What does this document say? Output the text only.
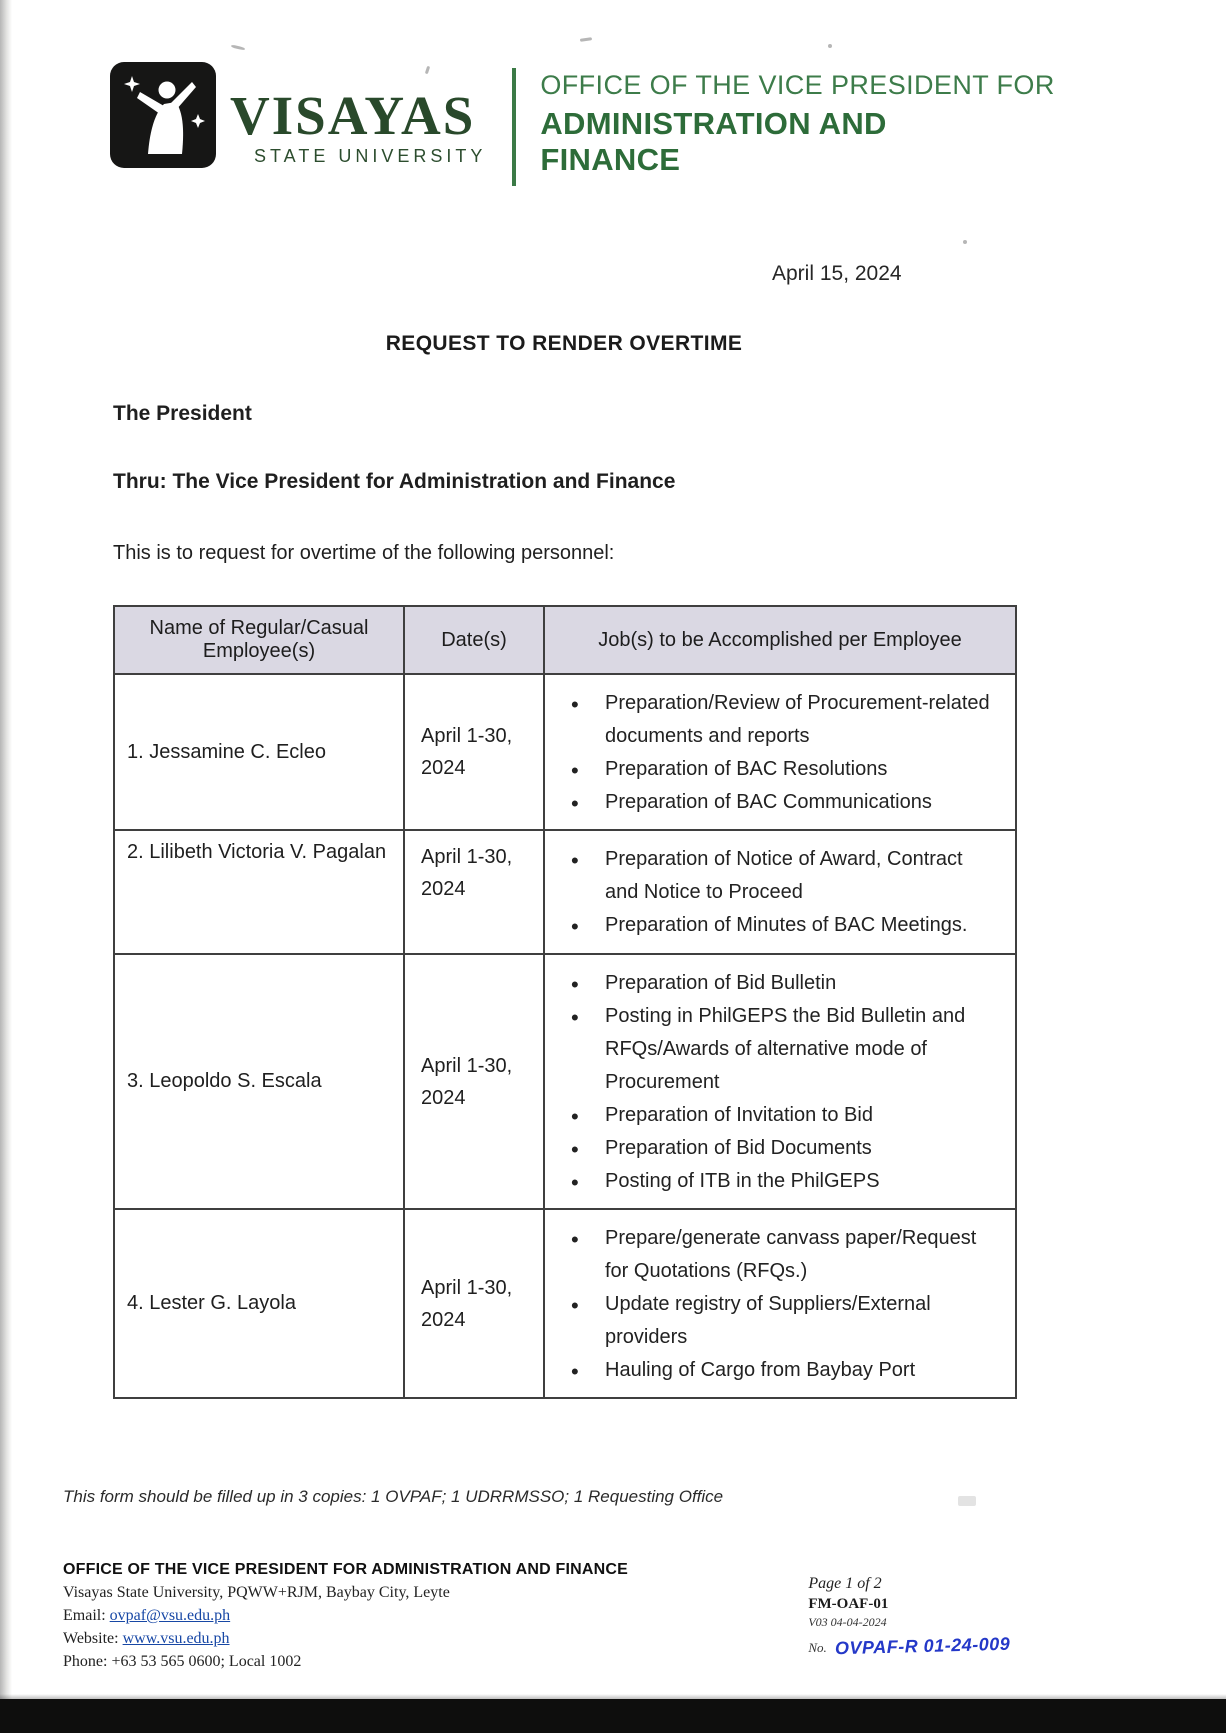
VISAYAS
STATE UNIVERSITY
OFFICE OF THE VICE PRESIDENT FOR
ADMINISTRATION AND
FINANCE
April 15, 2024
REQUEST TO RENDER OVERTIME

The President

Thru: The Vice President for Administration and Finance

This is to request for overtime of the following personnel:

Name of Regular/Casual Employee(s)	Date(s)	Job(s) to be Accomplished per Employee
1. Jessamine C. Ecleo	April 1-30, 2024	• Preparation/Review of Procurement-related documents and reports
• Preparation of BAC Resolutions
• Preparation of BAC Communications

2. Lilibeth Victoria V. Pagalan	April 1-30, 2024	• Preparation of Notice of Award, Contract and Notice to Proceed
• Preparation of Minutes of BAC Meetings.

3. Leopoldo S. Escala	April 1-30, 2024	• Preparation of Bid Bulletin
• Posting in PhilGEPS the Bid Bulletin and RFQs/Awards of alternative mode of Procurement
• Preparation of Invitation to Bid
• Preparation of Bid Documents
• Posting of ITB in the PhilGEPS

4. Lester G. Layola	April 1-30, 2024	• Prepare/generate canvass paper/Request for Quotations (RFQs.)
• Update registry of Suppliers/External providers
• Hauling of Cargo from Baybay Port

This form should be filled up in 3 copies: 1 OVPAF; 1 UDRRMSSO; 1 Requesting Office

OFFICE OF THE VICE PRESIDENT FOR ADMINISTRATION AND FINANCE
Visayas State University, PQWW+RJM, Baybay City, Leyte
Email: ovpaf@vsu.edu.ph
Website: www.vsu.edu.ph
Phone: +63 53 565 0600; Local 1002
Page 1 of 2
FM-OAF-01
V03 04-04-2024
No. OVPAF-R 01-24-009
